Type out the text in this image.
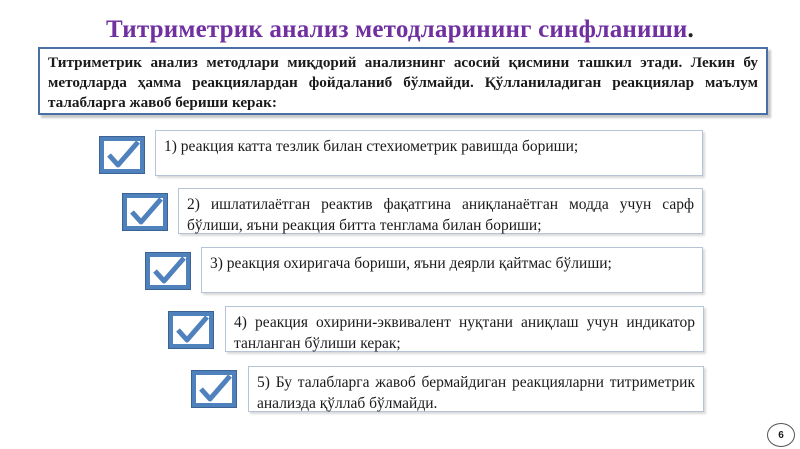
Титриметрик анализ методларининг синфланиши.
Титриметрик анализ методлари миқдорий анализнинг асосий қисмини ташкил этади. Лекин бу методларда ҳамма реакциялардан фойдаланиб бўлмайди. Қўлланиладиган реакциялар маълум талабларга жавоб бериши керак:
1) реакция катта тезлик билан стехиометрик равишда бориши;
2) ишлатилаётган реактив фақатгина аниқланаётган модда учун сарф бўлиши, яъни реакция битта тенглама билан бориши;
3) реакция охиригача бориши, яъни деярли қайтмас бўлиши;
4) реакция охирини-эквивалент нуқтани аниқлаш учун индикатор танланган бўлиши керак;
5) Бу талабларга жавоб бермайдиган реакцияларни титриметрик анализда қўллаб бўлмайди.
6
